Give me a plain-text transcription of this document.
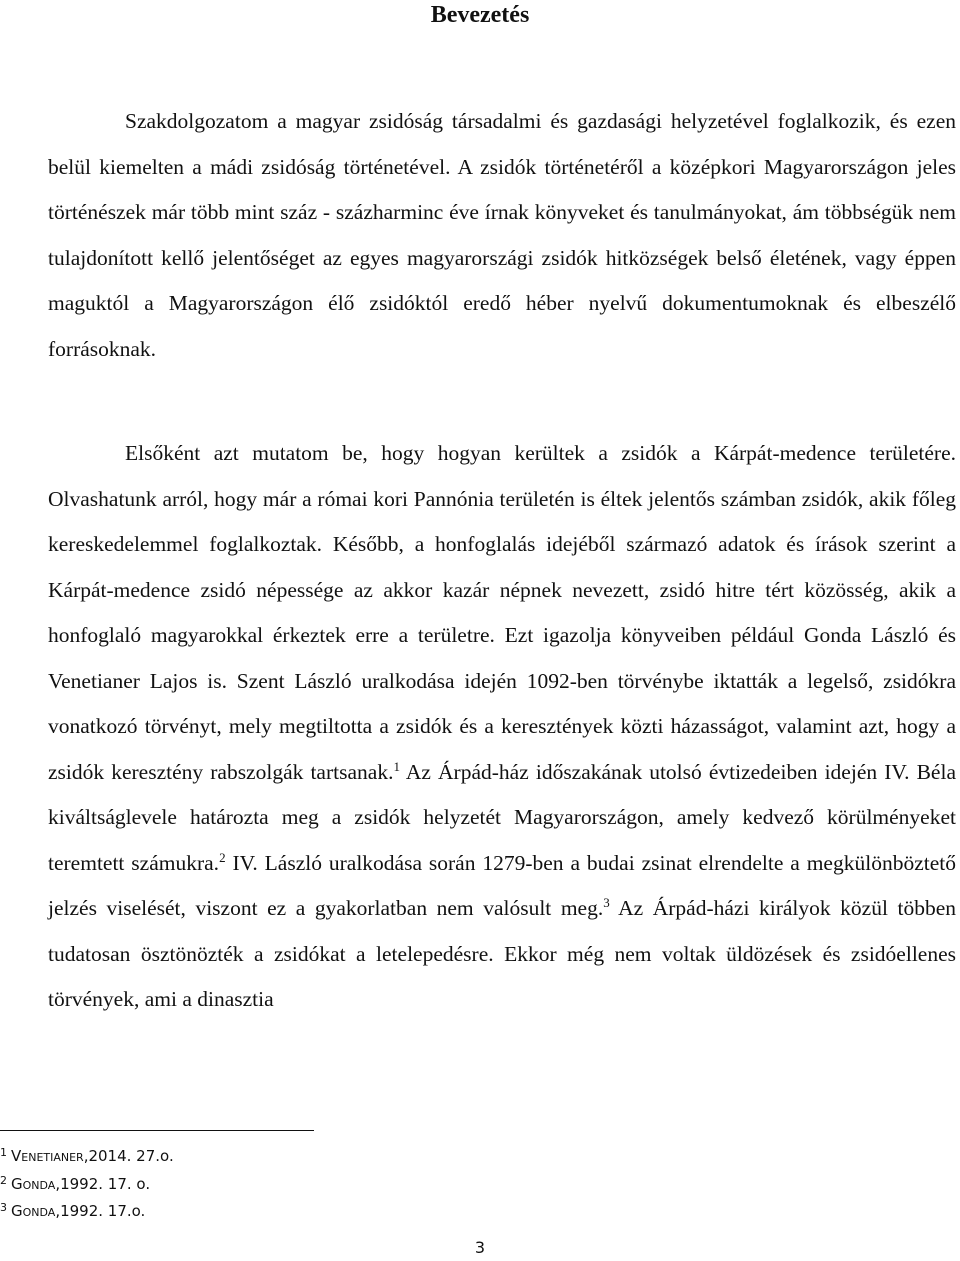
Bevezetés

Szakdolgozatom a magyar zsidóság társadalmi és gazdasági helyzetével foglalkozik, és ezen belül kiemelten a mádi zsidóság történetével. A zsidók történetéről a középkori Magyarországon jeles történészek már több mint száz - százharminc éve írnak könyveket és tanulmányokat, ám többségük nem tulajdonított kellő jelentőséget az egyes magyarországi zsidók hitközségek belső életének, vagy éppen maguktól a Magyarországon élő zsidóktól eredő héber nyelvű dokumentumoknak és elbeszélő forrásoknak.

Elsőként azt mutatom be, hogy hogyan kerültek a zsidók a Kárpát-medence területére. Olvashatunk arról, hogy már a római kori Pannónia területén is éltek jelentős számban zsidók, akik főleg kereskedelemmel foglalkoztak. Később, a honfoglalás idejéből származó adatok és írások szerint a Kárpát-medence zsidó népessége az akkor kazár népnek nevezett, zsidó hitre tért közösség, akik a honfoglaló magyarokkal érkeztek erre a területre. Ezt igazolja könyveiben például Gonda László és Venetianer Lajos is. Szent László uralkodása idején 1092-ben törvénybe iktatták a legelső, zsidókra vonatkozó törvényt, mely megtiltotta a zsidók és a keresztények közti házasságot, valamint azt, hogy a zsidók keresztény rabszolgák tartsanak.$^1$ Az Árpád-ház időszakának utolsó évtizedeiben idején IV. Béla kiváltságlevele határozta meg a zsidók helyzetét Magyarországon, amely kedvező körülményeket teremtett számukra.$^2$ IV. László uralkodása során 1279-ben a budai zsinat elrendelte a megkülönböztető jelzés viselését, viszont ez a gyakorlatban nem valósult meg.$^3$ Az Árpád-házi királyok közül többen tudatosan ösztönözték a zsidókat a letelepedésre. Ekkor még nem voltak üldözések és zsidóellenes törvények, ami a dinasztia

$^1$ Venetianer,2014. 27.o.
$^2$ Gonda,1992. 17. o.
$^3$ Gonda,1992. 17.o.
3
